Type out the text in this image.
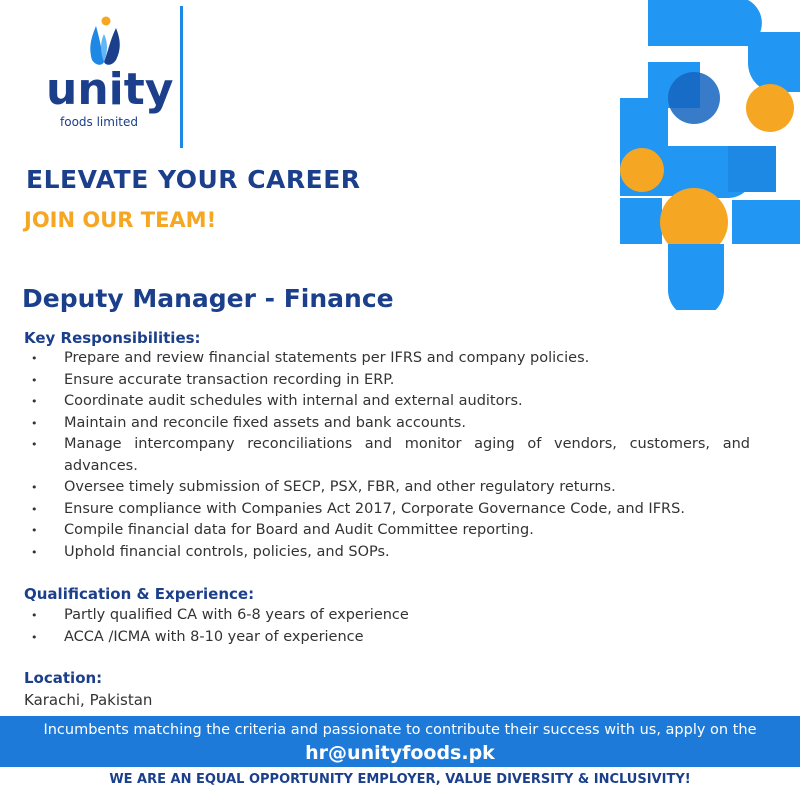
unity
foods limited
ELEVATE YOUR CAREER
JOIN OUR TEAM!
Deputy Manager - Finance
Key Responsibilities:
• Prepare and review financial statements per IFRS and company policies.
• Ensure accurate transaction recording in ERP.
• Coordinate audit schedules with internal and external auditors.
• Maintain and reconcile fixed assets and bank accounts.
• Manage intercompany reconciliations and monitor aging of vendors, customers, and advances.
• Oversee timely submission of SECP, PSX, FBR, and other regulatory returns.
• Ensure compliance with Companies Act 2017, Corporate Governance Code, and IFRS.
• Compile financial data for Board and Audit Committee reporting.
• Uphold financial controls, policies, and SOPs.
Qualification & Experience:
• Partly qualified CA with 6-8 years of experience
• ACCA /ICMA with 8-10 year of experience
Location:
Karachi, Pakistan
Incumbents matching the criteria and passionate to contribute their success with us, apply on the
hr@unityfoods.pk
WE ARE AN EQUAL OPPORTUNITY EMPLOYER, VALUE DIVERSITY & INCLUSIVITY!
